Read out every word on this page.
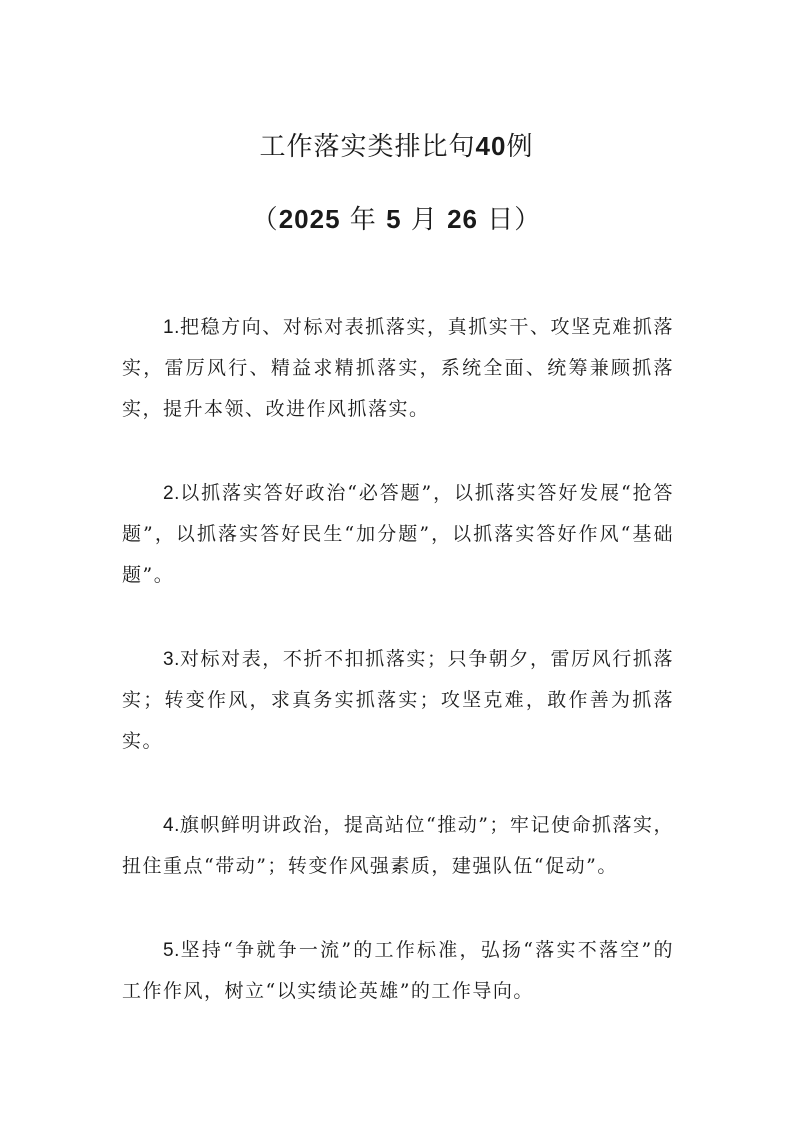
工作落实类排比句40例
（2025 年 5 月 26 日）

1.把稳方向、对标对表抓落实，真抓实干、攻坚克难抓落实，雷厉风行、精益求精抓落实，系统全面、统筹兼顾抓落实，提升本领、改进作风抓落实。

2.以抓落实答好政治“必答题”，以抓落实答好发展“抢答题”，以抓落实答好民生“加分题”，以抓落实答好作风“基础题”。

3.对标对表，不折不扣抓落实；只争朝夕，雷厉风行抓落实；转变作风，求真务实抓落实；攻坚克难，敢作善为抓落实。

4.旗帜鲜明讲政治，提高站位“推动”；牢记使命抓落实，扭住重点“带动”；转变作风强素质，建强队伍“促动”。

5.坚持“争就争一流”的工作标准，弘扬“落实不落空”的工作作风，树立“以实绩论英雄”的工作导向。
